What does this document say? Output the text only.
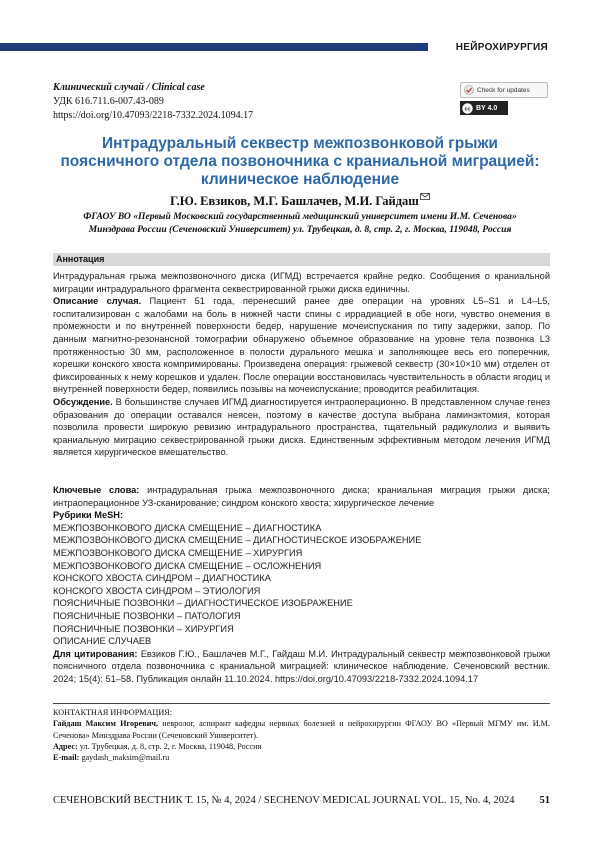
НЕЙРОХИРУРГИЯ
Клинический случай / Clinical case
УДК 616.711.6-007.43-089
https://doi.org/10.47093/2218-7332.2024.1094.17
Check for updates
cc BY 4.0
Интрадуральный секвестр межпозвонковой грыжи поясничного отдела позвоночника с краниальной миграцией: клиническое наблюдение
Г.Ю. Евзиков, М.Г. Башлачев, М.И. Гайдаш
ФГАОУ ВО «Первый Московский государственный медицинский университет имени И.М. Сеченова» Минздрава России (Сеченовский Университет) ул. Трубецкая, д. 8, стр. 2, г. Москва, 119048, Россия
Аннотация

Интрадуральная грыжа межпозвоночного диска (ИГМД) встречается крайне редко. Сообщения о краниальной миграции интрадурального фрагмента секвестрированной грыжи диска единичны.

Описание случая. Пациент 51 года, перенесший ранее две операции на уровнях L5–S1 и L4–L5, госпитализирован с жалобами на боль в нижней части спины с иррадиацией в обе ноги, чувство онемения в промежности и по внутренней поверхности бедер, нарушение мочеиспускания по типу задержки, запор. По данным магнитно-резонансной томографии обнаружено объемное образование на уровне тела позвонка L3 протяженностью 30 мм, расположенное в полости дурального мешка и заполняющее весь его поперечник, корешки конского хвоста компримированы. Произведена операция: грыжевой секвестр (30×10×10 мм) отделен от фиксированных к нему корешков и удален. После операции восстановилась чувствительность в области ягодиц и внутренней поверхности бедер, появились позывы на мочеиспускание; проводится реабилитация.

Обсуждение. В большинстве случаев ИГМД диагностируется интраоперационно. В представленном случае генез образования до операции оставался неясен, поэтому в качестве доступа выбрана ламинэктомия, которая позволила провести широкую ревизию интрадурального пространства, тщательный радикулолиз и выявить краниальную миграцию секвестрированной грыжи диска. Единственным эффективным методом лечения ИГМД является хирургическое вмешательство.

Ключевые слова: интрадуральная грыжа межпозвоночного диска; краниальная миграция грыжи диска; интраоперационное УЗ-сканирование; синдром конского хвоста; хирургическое лечение

Рубрики MeSH:

МЕЖПОЗВОНКОВОГО ДИСКА СМЕЩЕНИЕ – ДИАГНОСТИКА
МЕЖПОЗВОНКОВОГО ДИСКА СМЕЩЕНИЕ – ДИАГНОСТИЧЕСКОЕ ИЗОБРАЖЕНИЕ
МЕЖПОЗВОНКОВОГО ДИСКА СМЕЩЕНИЕ – ХИРУРГИЯ
МЕЖПОЗВОНКОВОГО ДИСКА СМЕЩЕНИЕ – ОСЛОЖНЕНИЯ
КОНСКОГО ХВОСТА СИНДРОМ – ДИАГНОСТИКА
КОНСКОГО ХВОСТА СИНДРОМ – ЭТИОЛОГИЯ
ПОЯСНИЧНЫЕ ПОЗВОНКИ – ДИАГНОСТИЧЕСКОЕ ИЗОБРАЖЕНИЕ
ПОЯСНИЧНЫЕ ПОЗВОНКИ – ПАТОЛОГИЯ
ПОЯСНИЧНЫЕ ПОЗВОНКИ – ХИРУРГИЯ
ОПИСАНИЕ СЛУЧАЕВ

Для цитирования: Евзиков Г.Ю., Башлачев М.Г., Гайдаш М.И. Интрадуральный секвестр межпозвонковой грыжи поясничного отдела позвоночника с краниальной миграцией: клиническое наблюдение. Сеченовский вестник. 2024; 15(4): 51–58. Публикация онлайн 11.10.2024. https://doi.org/10.47093/2218-7332.2024.1094.17

КОНТАКТНАЯ ИНФОРМАЦИЯ:

Гайдаш Максим Игоревич, невролог, аспирант кафедры нервных болезней и нейрохирургии ФГАОУ ВО «Первый МГМУ им. И.М. Сеченова» Минздрава России (Сеченовский Университет).

Адрес: ул. Трубецкая, д. 8, стр. 2, г. Москва, 119048, Россия

E-mail: gaydash_maksim@mail.ru

СЕЧЕНОВСКИЙ ВЕСТНИК Т. 15, № 4, 2024 / SECHENOV MEDICAL JOURNAL VOL. 15, No. 4, 2024 51
